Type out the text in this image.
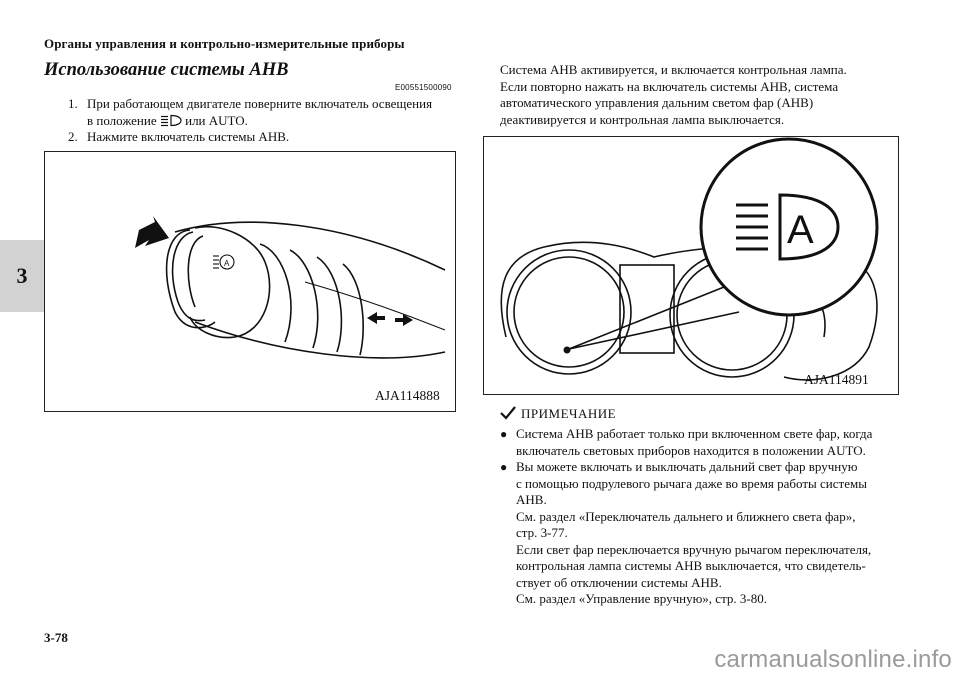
Органы управления и контрольно-измерительные приборы
3
Использование системы AHB
E00551500090
1. При работающем двигателе поверните включатель освещения
в положение или AUTO.
2. Нажмите включатель системы AHB.
A
AJA114888
Система AHB активируется, и включается контрольная лампа.
Если повторно нажать на включатель системы AHB, система
автоматического управления дальним светом фар (AHB)
деактивируется и контрольная лампа выключается.
A
AJA114891
ПРИМЕЧАНИЕ
● Система AHB работает только при включенном свете фар, когда
включатель световых приборов находится в положении AUTO.
● Вы можете включать и выключать дальний свет фар вручную
с помощью подрулевого рычага даже во время работы системы
AHB.
См. раздел «Переключатель дальнего и ближнего света фар»,
стр. 3-77.
Если свет фар переключается вручную рычагом переключателя,
контрольная лампа системы AHB выключается, что свидетель-
ствует об отключении системы AHB.
См. раздел «Управление вручную», стр. 3-80.
3-78
carmanualsonline.info
